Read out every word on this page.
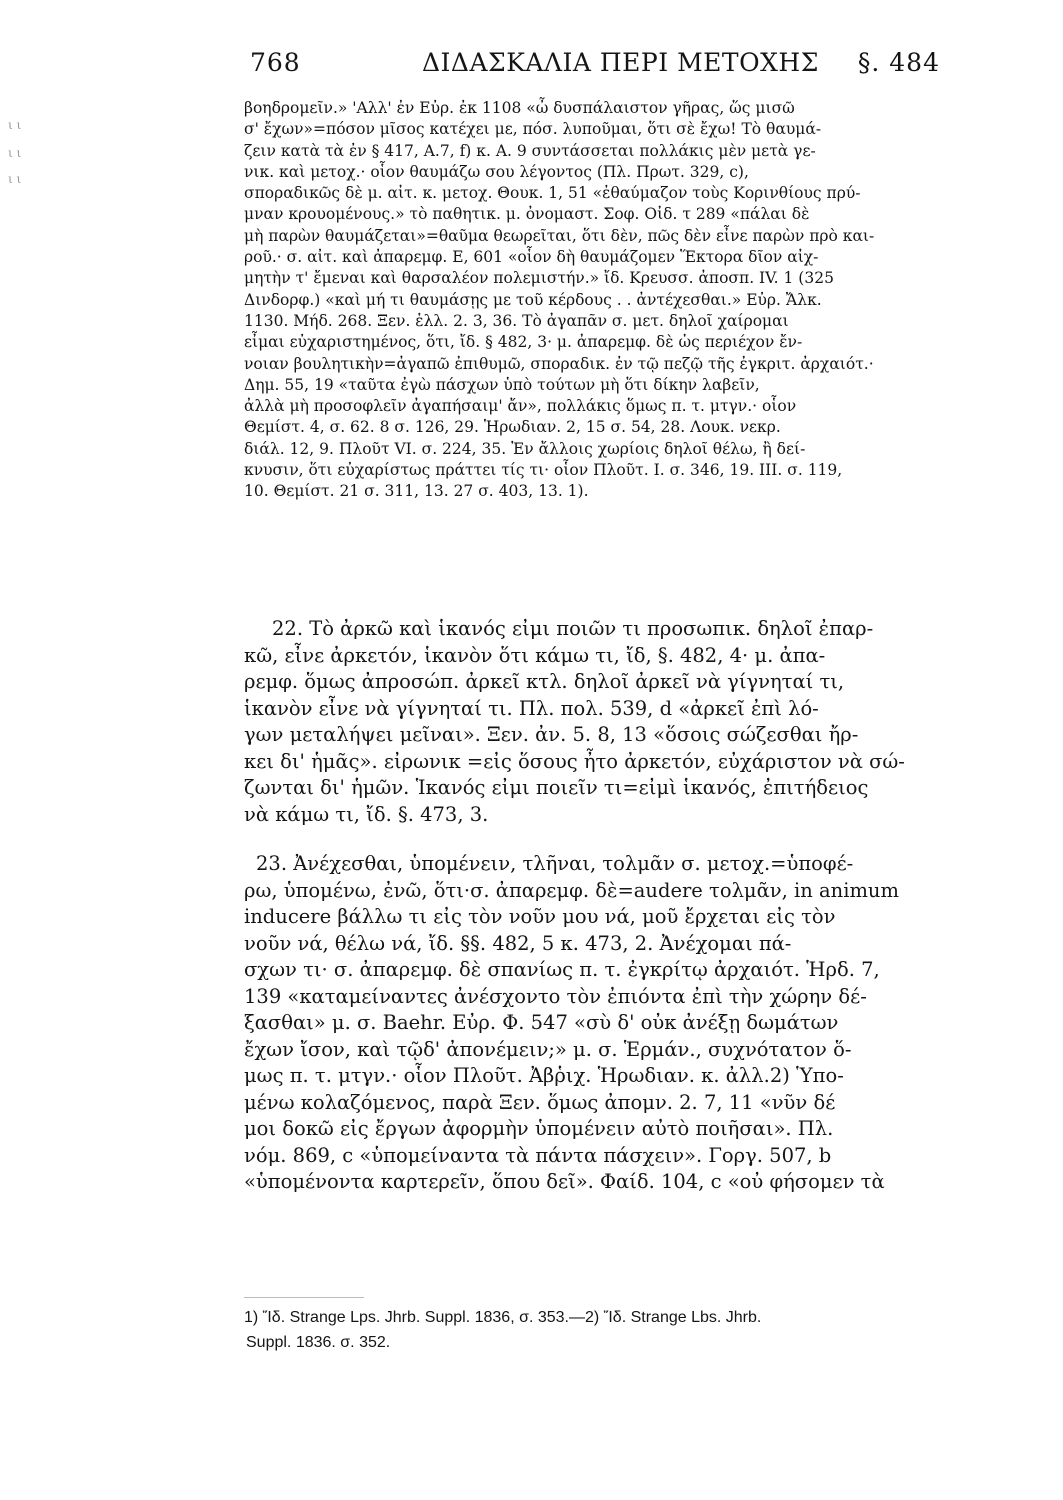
ι ι
ι ι
ι ι
768	ΔΙΔΑΣΚΑΛΙΑ ΠΕΡΙ ΜΕΤΟΧΗΣ §. 484

βοηδρομεῖν.» 'Αλλ' ἐν Εὐρ. ἐκ 1108 «ὦ δυσπάλαιστον γῆρας, ὥς μισῶ

σ' ἔχων»=πόσον μῖσος κατέχει με, πόσ. λυποῦμαι, ὅτι σὲ ἔχω! Τὸ θαυμά-

ζειν κατὰ τὰ ἐν § 417, A.7, f) κ. A. 9 συντάσσεται πολλάκις μὲν μετὰ γε-

νικ. καὶ μετοχ.· οἷον θαυμάζω σου λέγοντος (Πλ. Πρωτ. 329, c),

σποραδικῶς δὲ μ. αἰτ. κ. μετοχ. Θουκ. 1, 51 «ἐθαύμαζον τοὺς Κορινθίους πρύ-

μναν κρουομένους.» τὸ παθητικ. μ. ὀνομαστ. Σοφ. Οἰδ. τ 289 «πάλαι δὲ

μὴ παρὼν θαυμάζεται»=θαῦμα θεωρεῖται, ὅτι δὲν, πῶς δὲν εἶνε παρὼν πρὸ και-

ροῦ.· σ. αἰτ. καὶ ἀπαρεμφ. E, 601 «οἷον δὴ θαυμάζομεν Ἕκτορα δῖον αἰχ-

μητὴν τ' ἔμεναι καὶ θαρσαλέον πολεμιστήν.» ἴδ. Κρευσσ. ἀποσπ. IV. 1 (325

Δινδορφ.) «καὶ μή τι θαυμάσῃς με τοῦ κέρδους . . ἀντέχεσθαι.» Εὐρ. Ἄλκ.

1130. Μήδ. 268. Ξεν. ἑλλ. 2. 3, 36. Τὸ ἀγαπᾶν σ. μετ. δηλοῖ χαίρομαι

εἶμαι εὐχαριστημένος, ὅτι, ἴδ. § 482, 3· μ. ἀπαρεμφ. δὲ ὡς περιέχον ἔν-

νοιαν βουλητικὴν=ἀγαπῶ ἐπιθυμῶ, σποραδικ. ἐν τῷ πεζῷ τῆς ἐγκριτ. ἀρχαιότ.·

Δημ. 55, 19 «ταῦτα ἐγὼ πάσχων ὑπὸ τούτων μὴ ὅτι δίκην λαβεῖν,

ἀλλὰ μὴ προσοφλεῖν ἀγαπήσαιμ' ἄν», πολλάκις ὅμως π. τ. μτγν.· οἷον

Θεμίστ. 4, σ. 62. 8 σ. 126, 29. Ἡρωδιαν. 2, 15 σ. 54, 28. Λουκ. νεκρ.

διάλ. 12, 9. Πλοῦτ VI. σ. 224, 35. Ἐν ἄλλοις χωρίοις δηλοῖ θέλω, ἢ δεί-

κνυσιν, ὅτι εὐχαρίστως πράττει τίς τι· οἷον Πλοῦτ. I. σ. 346, 19. III. σ. 119,

10. Θεμίστ. 21 σ. 311, 13. 27 σ. 403, 13. 1).

22. Τὸ ἀρκῶ καὶ ἱκανός εἰμι ποιῶν τι προσωπικ. δηλοῖ ἐπαρ-

κῶ, εἶνε ἀρκετόν, ἱκανὸν ὅτι κάμω τι, ἴδ, §. 482, 4· μ. ἀπα-

ρεμφ. ὅμως ἀπροσώπ. ἀρκεῖ κτλ. δηλοῖ ἀρκεῖ νὰ γίγνηταί τι,

ἱκανὸν εἶνε νὰ γίγνηταί τι. Πλ. πολ. 539, d «ἀρκεῖ ἐπὶ λό-

γων μεταλήψει μεῖναι». Ξεν. ἀν. 5. 8, 13 «ὅσοις σώζεσθαι ἤρ-

κει δι' ἡμᾶς». εἰρωνικ =εἰς ὅσους ἦτο ἀρκετόν, εὐχάριστον νὰ σώ-

ζωνται δι' ἡμῶν. Ἱκανός εἰμι ποιεῖν τι=εἰμὶ ἱκανός, ἐπιτήδειος

νὰ κάμω τι, ἴδ. §. 473, 3.

23. Ἀνέχεσθαι, ὑπομένειν, τλῆναι, τολμᾶν σ. μετοχ.=ὑποφέ-

ρω, ὑπομένω, ἐνῶ, ὅτι·σ. ἀπαρεμφ. δὲ=audere τολμᾶν, in animum

inducere βάλλω τι εἰς τὸν νοῦν μου νά, μοῦ ἔρχεται εἰς τὸν

νοῦν νά, θέλω νά, ἴδ. §§. 482, 5 κ. 473, 2. Ἀνέχομαι πά-

σχων τι· σ. ἀπαρεμφ. δὲ σπανίως π. τ. ἐγκρίτῳ ἀρχαιότ. Ἡρδ. 7,

139 «καταμείναντες ἀνέσχοντο τὸν ἐπιόντα ἐπὶ τὴν χώρην δέ-

ξασθαι» μ. σ. Baehr. Εὐρ. Φ. 547 «σὺ δ' οὐκ ἀνέξῃ δωμάτων

ἔχων ἴσον, καὶ τῷδ' ἀπονέμειν;» μ. σ. Ἑρμάν., συχνότατον ὅ-

μως π. τ. μτγν.· οἷον Πλοῦτ. Ἀβῥιχ. Ἡρωδιαν. κ. ἀλλ.2) Ὑπο-

μένω κολαζόμενος, παρὰ Ξεν. ὅμως ἀπομν. 2. 7, 11 «νῦν δέ

μοι δοκῶ εἰς ἔργων ἀφορμὴν ὑπομένειν αὐτὸ ποιῆσαι». Πλ.

νόμ. 869, c «ὑπομείναντα τὰ πάντα πάσχειν». Γοργ. 507, b

«ὑπομένοντα καρτερεῖν, ὅπου δεῖ». Φαίδ. 104, c «οὐ φήσομεν τὰ

1) Ἴδ. Strange Lps. Jhrb. Suppl. 1836, σ. 353.—2) Ἴδ. Strange Lbs. Jhrb.

Suppl. 1836. σ. 352.
